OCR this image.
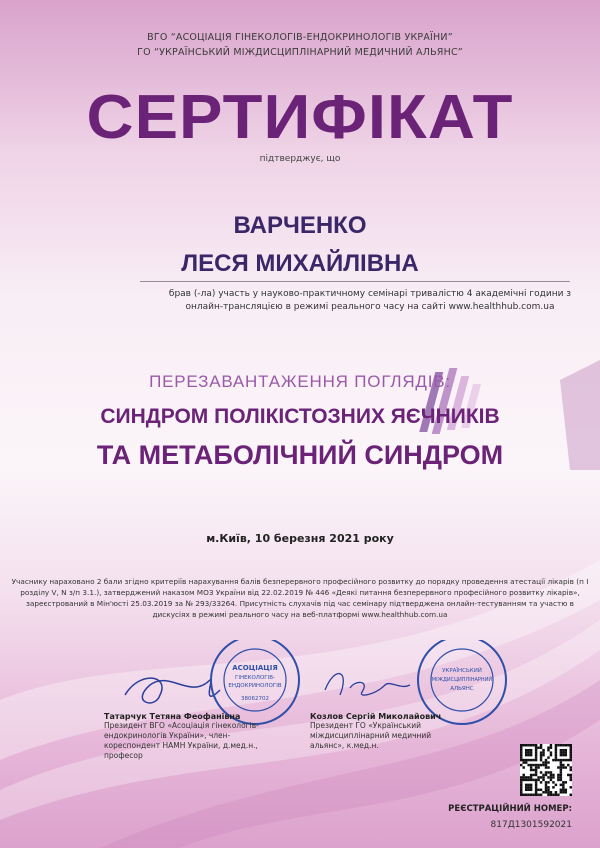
ВГО “АСОЦІАЦІЯ ГІНЕКОЛОГІВ-ЕНДОКРИНОЛОГІВ УКРАЇНИ”
ГО “УКРАЇНСЬКИЙ МІЖДИСЦИПЛІНАРНИЙ МЕДИЧНИЙ АЛЬЯНС”
СЕРТИФІКАТ
підтверджує, що
ВАРЧЕНКО
ЛЕСЯ МИХАЙЛІВНА
брав (-ла) участь у науково-практичному семінарі тривалістю 4 академічні години з онлайн-трансляцією в режимі реального часу на сайті www.healthhub.com.ua
ПЕРЕЗАВАНТАЖЕННЯ ПОГЛЯДІВ:
СИНДРОМ ПОЛІКІСТОЗНИХ ЯЄЧНИКІВ
ТА МЕТАБОЛІЧНИЙ СИНДРОМ
м.Київ, 10 березня 2021 року
Учаснику нараховано 2 бали згідно критеріїв нарахування балів безперервного професійного розвитку до порядку проведення атестації лікарів (п І розділу V, N з/п 3.1.), затверджений наказом МОЗ України від 22.02.2019 № 446 «Деякі питання безперервного професійного розвитку лікарів», зареєстрований в Мін'юсті 25.03.2019 за № 293/33264. Присутність слухачів під час семінару підтверджена онлайн-тестуванням та участю в дискусіях в режимі реального часу на веб-платформі www.healthhub.com.ua
АСОЦІАЦІЯ
ГІНЕКОЛОГІВ-
ЕНДОКРИНОЛОГІВ
38062702
УКРАЇНСЬКИЙ
МІЖДИСЦИПЛІНАРНИЙ
АЛЬЯНС
Татарчук Тетяна Феофанівна
Президент ВГО «Асоціація гінекологів- ендокринологів України», член-кореспондент НАМН України, д.мед.н., професор
Козлов Сергій Миколайович
Президент ГО «Український міждисциплінарний медичний альянс», к.мед.н.
РЕЄСТРАЦІЙНИЙ НОМЕР:
817Д1301592021
